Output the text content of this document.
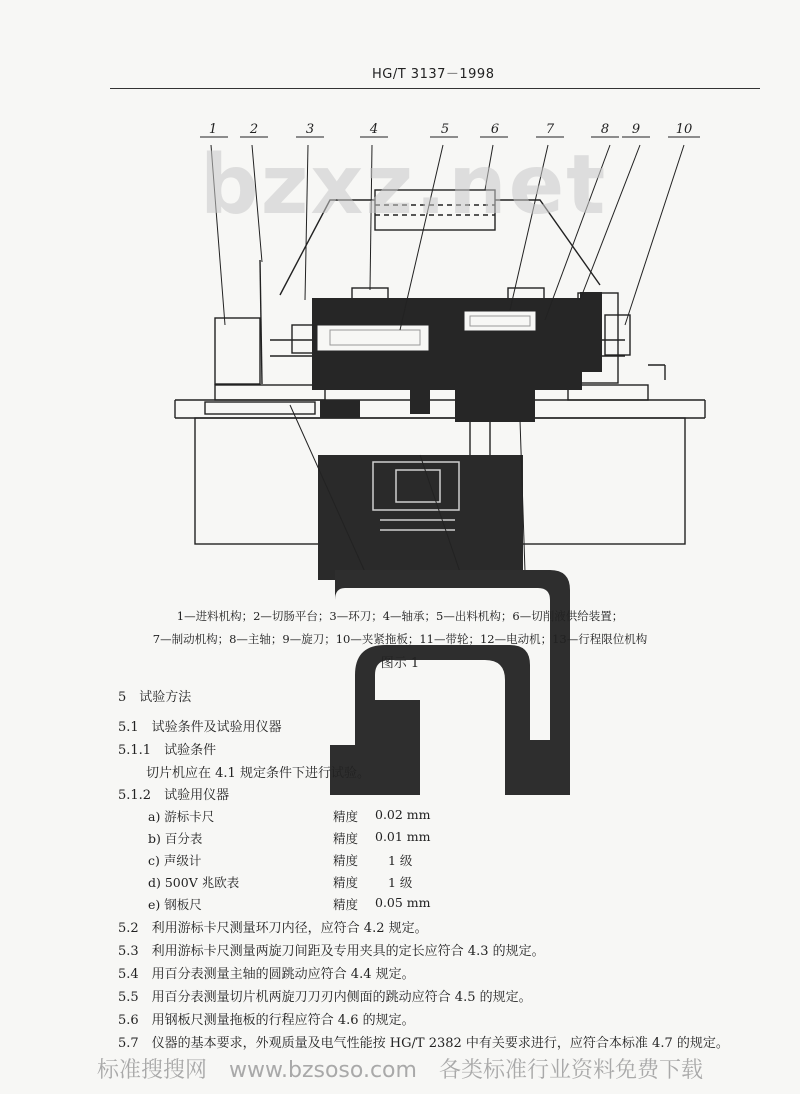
HG/T 3137－1998
1	2	3	4	5	6	7	8 9	10
bzxz.net
1—进料机构；2—切肠平台；3—环刀；4—轴承；5—出料机构；6—切削液供给装置；
7—制动机构；8—主轴；9—旋刀；10—夹紧拖板；11—带轮；12—电动机；13—行程限位机构
图示 1
5　试验方法
5.1　试验条件及试验用仪器
5.1.1　试验条件
切片机应在 4.1 规定条件下进行试验。
5.1.2　试验用仪器
a) 游标卡尺	精度 0.02 mm
b) 百分表	精度 0.01 mm
c) 声级计	精度 1 级
d) 500V 兆欧表	精度 1 级
e) 钢板尺	精度 0.05 mm
5.2　利用游标卡尺测量环刀内径，应符合 4.2 规定。
5.3　利用游标卡尺测量两旋刀间距及专用夹具的定长应符合 4.3 的规定。
5.4　用百分表测量主轴的圆跳动应符合 4.4 规定。
5.5　用百分表测量切片机两旋刀刀刃内侧面的跳动应符合 4.5 的规定。
5.6　用钢板尺测量拖板的行程应符合 4.6 的规定。
5.7　仪器的基本要求，外观质量及电气性能按 HG/T 2382 中有关要求进行，应符合本标准 4.7 的规定。
标准搜搜网　www.bzsoso.com　各类标准行业资料免费下载
